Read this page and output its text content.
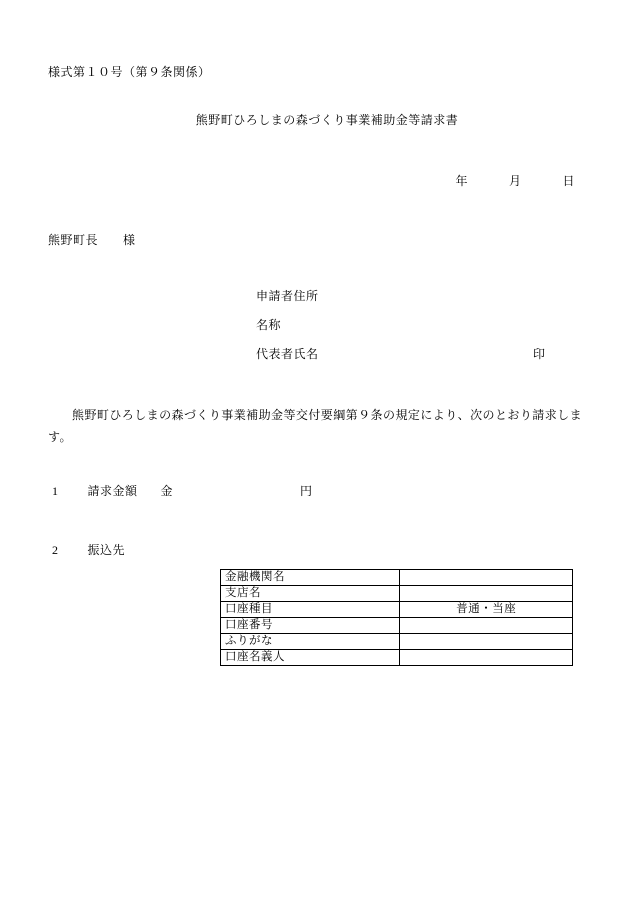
様式第１０号（第９条関係）
熊野町ひろしまの森づくり事業補助金等請求書
年	月	日
熊野町長　　様
申請者住所
名称
代表者氏名	印
熊野町ひろしまの森づくり事業補助金等交付要綱第９条の規定により、次のとおり請求します。
1 請求金額 金	円
2 振込先
金融機関名	
支店名	
口座種目	普通・当座
口座番号	
ふりがな	
口座名義人	
